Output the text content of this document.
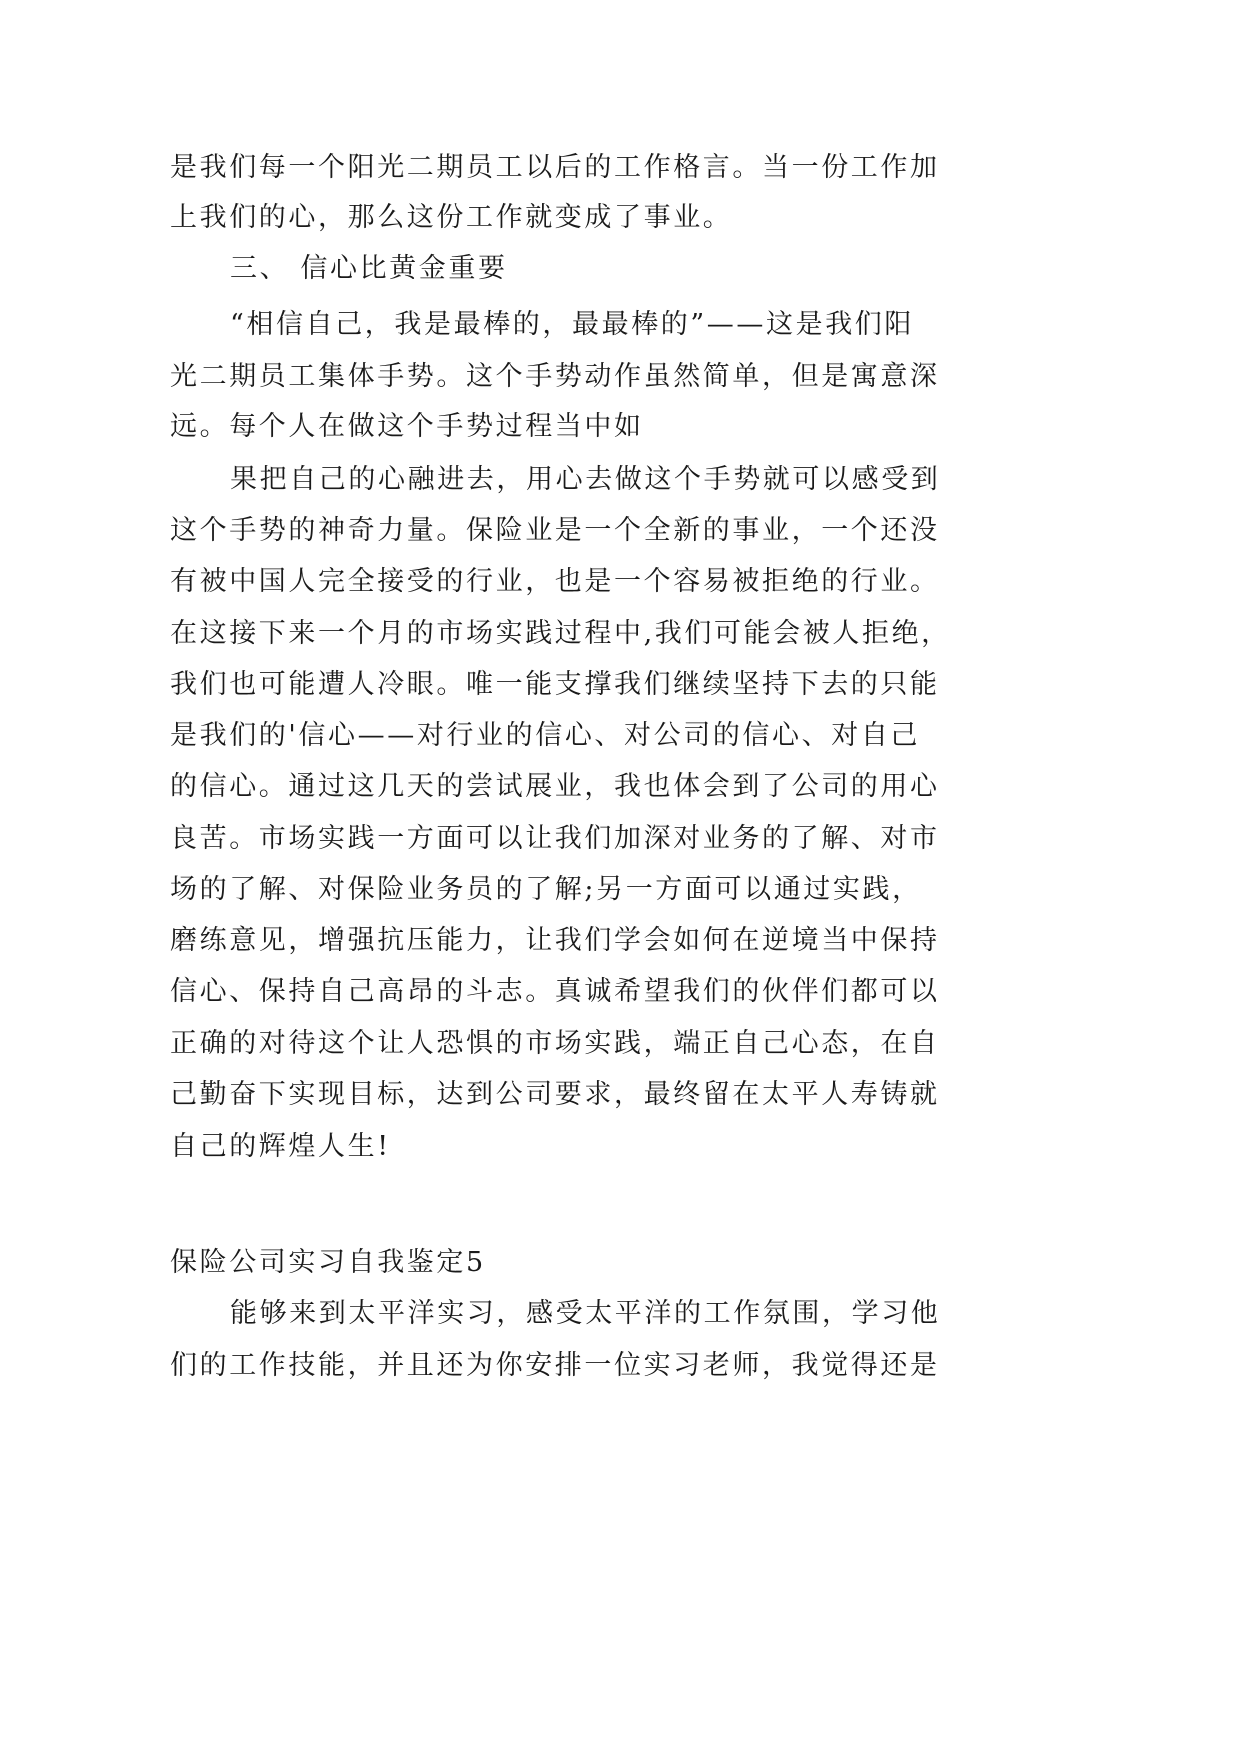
是我们每一个阳光二期员工以后的工作格言。当一份工作加
上我们的心，那么这份工作就变成了事业。
三、 信心比黄金重要
“相信自己，我是最棒的，最最棒的”——这是我们阳
光二期员工集体手势。这个手势动作虽然简单，但是寓意深
远。每个人在做这个手势过程当中如
果把自己的心融进去，用心去做这个手势就可以感受到
这个手势的神奇力量。保险业是一个全新的事业，一个还没
有被中国人完全接受的行业，也是一个容易被拒绝的行业。
在这接下来一个月的市场实践过程中,我们可能会被人拒绝，
我们也可能遭人冷眼。唯一能支撑我们继续坚持下去的只能
是我们的'信心——对行业的信心、对公司的信心、对自己
的信心。通过这几天的尝试展业，我也体会到了公司的用心
良苦。市场实践一方面可以让我们加深对业务的了解、对市
场的了解、对保险业务员的了解;另一方面可以通过实践，
磨练意见，增强抗压能力，让我们学会如何在逆境当中保持
信心、保持自己高昂的斗志。真诚希望我们的伙伴们都可以
正确的对待这个让人恐惧的市场实践，端正自己心态，在自
己勤奋下实现目标，达到公司要求，最终留在太平人寿铸就
自己的辉煌人生!
保险公司实习自我鉴定5
能够来到太平洋实习，感受太平洋的工作氛围，学习他
们的工作技能，并且还为你安排一位实习老师，我觉得还是
